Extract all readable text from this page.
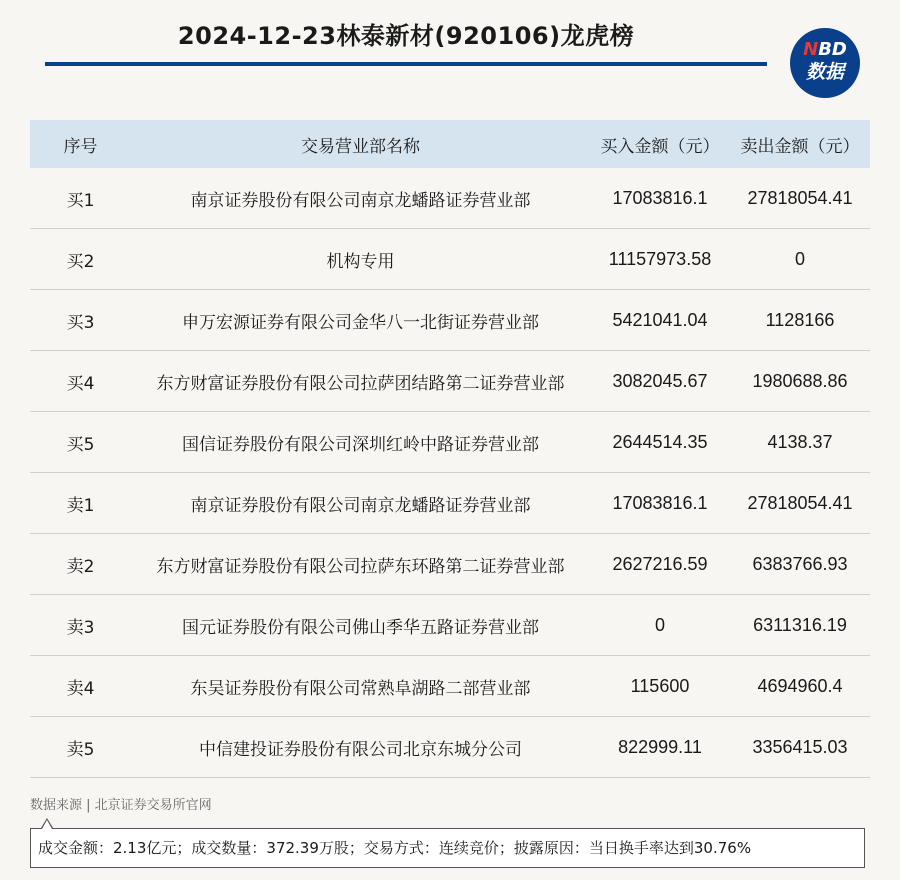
2024-12-23林泰新材(920106)龙虎榜	NBD
数据
序号	交易营业部名称	买入金额（元）	卖出金额（元）
买1	南京证券股份有限公司南京龙蟠路证券营业部	17083816.1	27818054.41
买2	机构专用	11157973.58	0
买3	申万宏源证券有限公司金华八一北街证券营业部	5421041.04	1128166
买4	东方财富证券股份有限公司拉萨团结路第二证券营业部	3082045.67	1980688.86
买5	国信证券股份有限公司深圳红岭中路证券营业部	2644514.35	4138.37
卖1	南京证券股份有限公司南京龙蟠路证券营业部	17083816.1	27818054.41
卖2	东方财富证券股份有限公司拉萨东环路第二证券营业部	2627216.59	6383766.93
卖3	国元证券股份有限公司佛山季华五路证券营业部	0	6311316.19
卖4	东吴证券股份有限公司常熟阜湖路二部营业部	115600	4694960.4
卖5	中信建投证券股份有限公司北京东城分公司	822999.11	3356415.03
数据来源 | 北京证券交易所官网
成交金额：2.13亿元；成交数量：372.39万股；交易方式：连续竞价；披露原因：当日换手率达到30.76%
